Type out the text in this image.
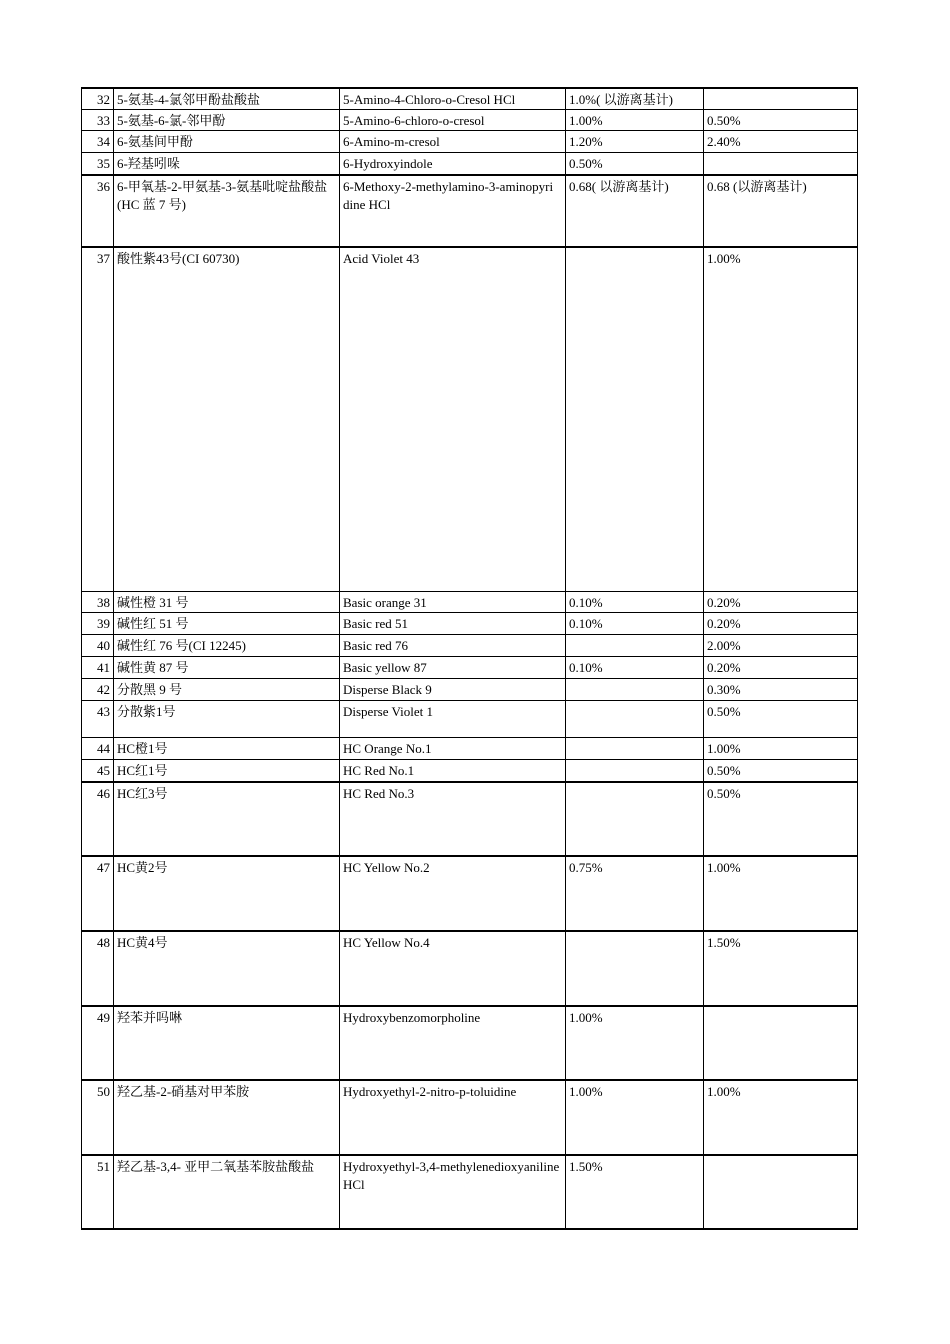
32	5-氨基-4-氯邻甲酚盐酸盐	5-Amino-4-Chloro-o-Cresol HCl	1.0%( 以游离基计)	
33	5-氨基-6-氯-邻甲酚	5-Amino-6-chloro-o-cresol	1.00%	0.50%
34	6-氨基间甲酚	6-Amino-m-cresol	1.20%	2.40%
35	6-羟基吲哚	6-Hydroxyindole	0.50%	
36	6-甲氧基-2-甲氨基-3-氨基吡啶盐酸盐 (HC 蓝 7 号)	6-Methoxy-2-methylamino-3-aminopyri dine HCl	0.68( 以游离基计)	0.68 (以游离基计)
37	酸性紫43号(CI 60730)	Acid Violet 43		1.00%
38	碱性橙 31 号	Basic orange 31	0.10%	0.20%
39	碱性红 51 号	Basic red 51	0.10%	0.20%
40	碱性红 76 号(CI 12245)	Basic red 76		2.00%
41	碱性黄 87 号	Basic yellow 87	0.10%	0.20%
42	分散黑 9 号	Disperse Black 9		0.30%
43	分散紫1号	Disperse Violet 1		0.50%
44	HC橙1号	HC Orange No.1		1.00%
45	HC红1号	HC Red No.1		0.50%
46	HC红3号	HC Red No.3		0.50%
47	HC黄2号	HC Yellow No.2	0.75%	1.00%
48	HC黄4号	HC Yellow No.4		1.50%
49	羟苯并吗啉	Hydroxybenzomorpholine	1.00%	
50	羟乙基-2-硝基对甲苯胺	Hydroxyethyl-2-nitro-p-toluidine	1.00%	1.00%
51	羟乙基-3,4- 亚甲二氧基苯胺盐酸盐	Hydroxyethyl-3,4-methylenedioxyaniline HCl	1.50%	
